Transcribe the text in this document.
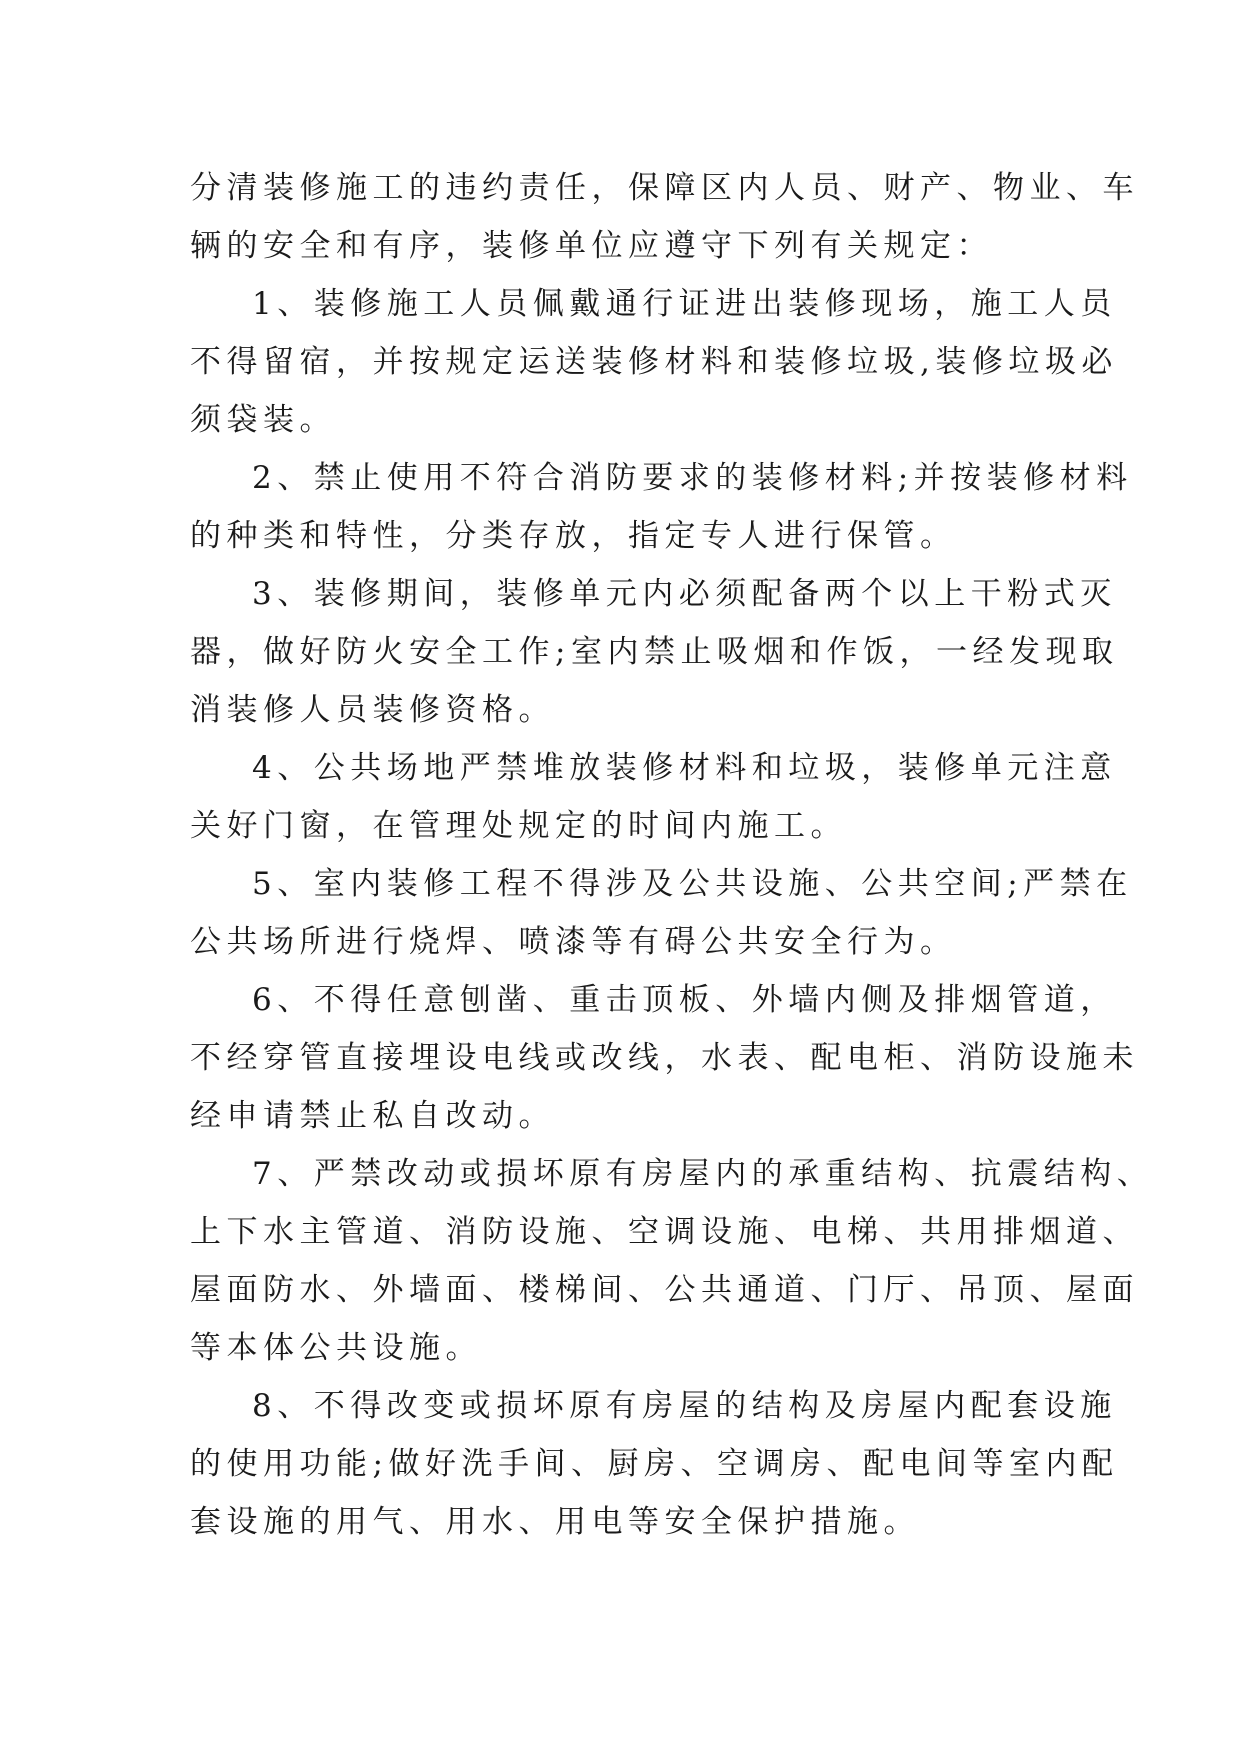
分清装修施工的违约责任，保障区内人员、财产、物业、车
辆的安全和有序，装修单位应遵守下列有关规定：

1、装修施工人员佩戴通行证进出装修现场，施工人员
不得留宿，并按规定运送装修材料和装修垃圾,装修垃圾必
须袋装。

2、禁止使用不符合消防要求的装修材料;并按装修材料
的种类和特性，分类存放，指定专人进行保管。

3、装修期间，装修单元内必须配备两个以上干粉式灭
器，做好防火安全工作;室内禁止吸烟和作饭，一经发现取
消装修人员装修资格。

4、公共场地严禁堆放装修材料和垃圾，装修单元注意
关好门窗，在管理处规定的时间内施工。

5、室内装修工程不得涉及公共设施、公共空间;严禁在
公共场所进行烧焊、喷漆等有碍公共安全行为。

6、不得任意刨凿、重击顶板、外墙内侧及排烟管道，
不经穿管直接埋设电线或改线，水表、配电柜、消防设施未
经申请禁止私自改动。

7、严禁改动或损坏原有房屋内的承重结构、抗震结构、
上下水主管道、消防设施、空调设施、电梯、共用排烟道、
屋面防水、外墙面、楼梯间、公共通道、门厅、吊顶、屋面
等本体公共设施。

8、不得改变或损坏原有房屋的结构及房屋内配套设施
的使用功能;做好洗手间、厨房、空调房、配电间等室内配
套设施的用气、用水、用电等安全保护措施。
